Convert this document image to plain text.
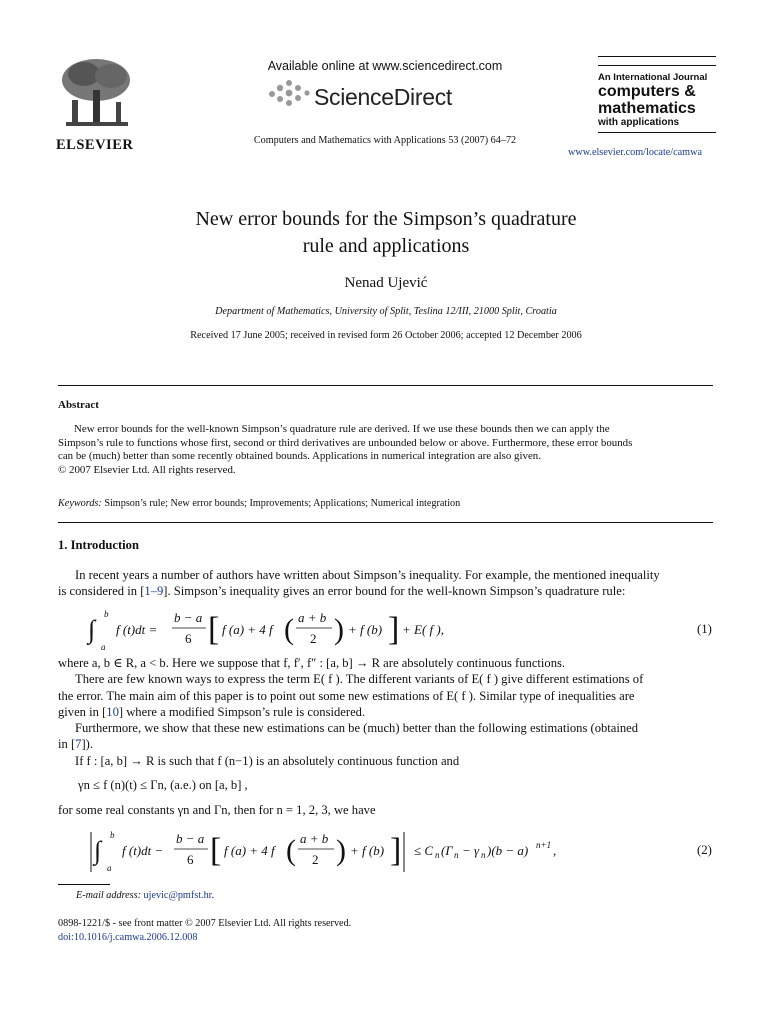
ELSEVIER
Available online at www.sciencedirect.com
ScienceDirect
Computers and Mathematics with Applications 53 (2007) 64–72
An International Journal
computers &
mathematics
with applications
www.elsevier.com/locate/camwa
New error bounds for the Simpson’s quadrature
rule and applications
Nenad Ujević
Department of Mathematics, University of Split, Teslina 12/III, 21000 Split, Croatia
Received 17 June 2005; received in revised form 26 October 2006; accepted 12 December 2006
Abstract
New error bounds for the well-known Simpson’s quadrature rule are derived. If we use these bounds then we can apply the
Simpson’s rule to functions whose first, second or third derivatives are unbounded below or above. Furthermore, these error bounds
can be (much) better than some recently obtained bounds. Applications in numerical integration are also given.
© 2007 Elsevier Ltd. All rights reserved.
Keywords: Simpson’s rule; New error bounds; Improvements; Applications; Numerical integration
1. Introduction
In recent years a number of authors have written about Simpson’s inequality. For example, the mentioned inequality
is considered in [1–9]. Simpson’s inequality gives an error bound for the well-known Simpson’s quadrature rule:
∫
b
a
f (t)dt =
b − a
6 [ f (a) + 4 f ( a + b
2 ) + f (b) ] + E( f ),	(1)
where a, b ∈ R, a < b. Here we suppose that f, f′, f″ : [a, b] → R are absolutely continuous functions.
There are few known ways to express the term E( f ). The different variants of E( f ) give different estimations of
the error. The main aim of this paper is to point out some new estimations of E( f ). Similar type of inequalities are
given in [10] where a modified Simpson’s rule is considered.
Furthermore, we show that these new estimations can be (much) better than the following estimations (obtained
in [7]).
If f : [a, b] → R is such that f (n−1) is an absolutely continuous function and
γn ≤ f (n)(t) ≤ Γn, (a.e.) on [a, b] ,
for some real constants γn and Γn, then for n = 1, 2, 3, we have
∫
b
a
f (t)dt −
b − a
6 [ f (a) + 4 f ( a + b
2 ) + f (b) ] ≤ C n (Γ n − γ n )(b − a) n+1 ,	(2)
E-mail address: ujevic@pmfst.hr.
0898-1221/$ - see front matter © 2007 Elsevier Ltd. All rights reserved.
doi:10.1016/j.camwa.2006.12.008
